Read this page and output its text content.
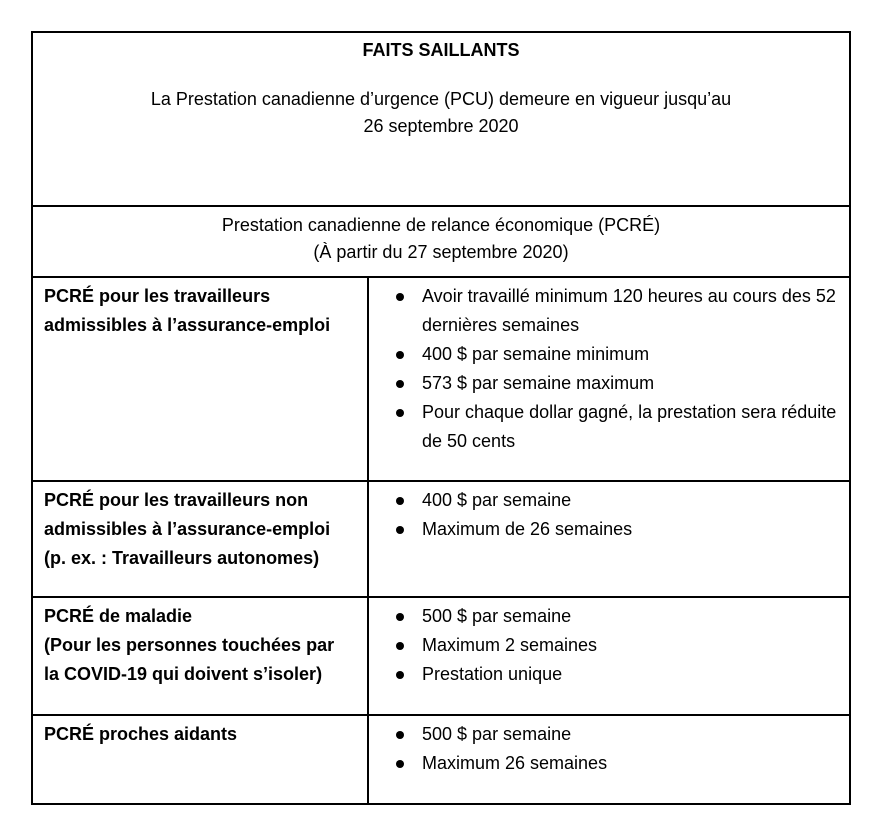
FAITS SAILLANTS
La Prestation canadienne d’urgence (PCU) demeure en vigueur jusqu’au
26 septembre 2020
Prestation canadienne de relance économique (PCRÉ)
(À partir du 27 septembre 2020)
PCRÉ pour les travailleurs
admissibles à l’assurance-emploi
Avoir travaillé minimum 120 heures au cours des 52 dernières semaines
400 $ par semaine minimum
573 $ par semaine maximum
Pour chaque dollar gagné, la prestation sera réduite de 50 cents
PCRÉ pour les travailleurs non
admissibles à l’assurance-emploi
(p. ex. : Travailleurs autonomes)
400 $ par semaine
Maximum de 26 semaines
PCRÉ de maladie
(Pour les personnes touchées par
la COVID-19 qui doivent s’isoler)
500 $ par semaine
Maximum 2 semaines
Prestation unique
PCRÉ proches aidants	500 $ par semaine
Maximum 26 semaines
